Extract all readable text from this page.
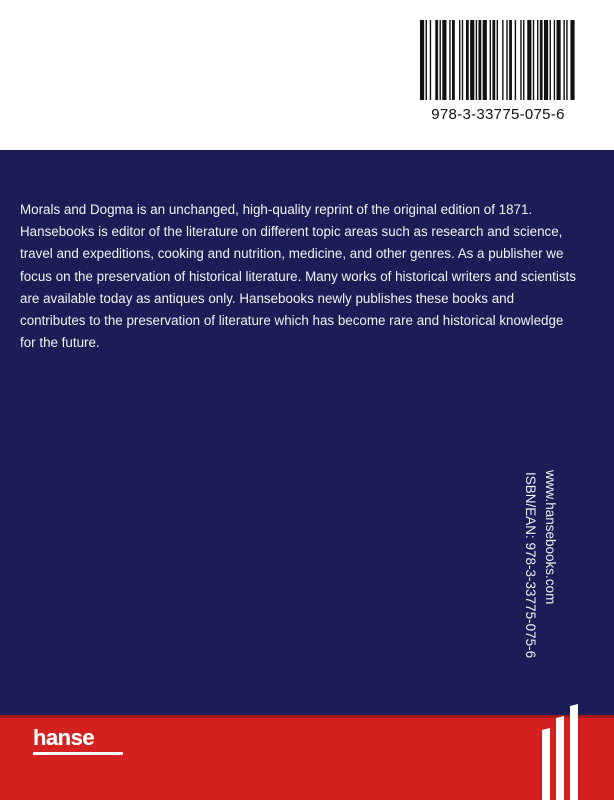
978-3-33775-075-6

Morals and Dogma is an unchanged, high-quality reprint of the original edition of 1871.

Hansebooks is editor of the literature on different topic areas such as research and science, travel and expeditions, cooking and nutrition, medicine, and other genres. As a publisher we focus on the preservation of historical literature. Many works of historical writers and scientists are available today as antiques only. Hansebooks newly publishes these books and contributes to the preservation of literature which has become rare and historical knowledge for the future.

ISBN/EAN: 978-3-33775-075-6 www.hansebooks.com
hanse
